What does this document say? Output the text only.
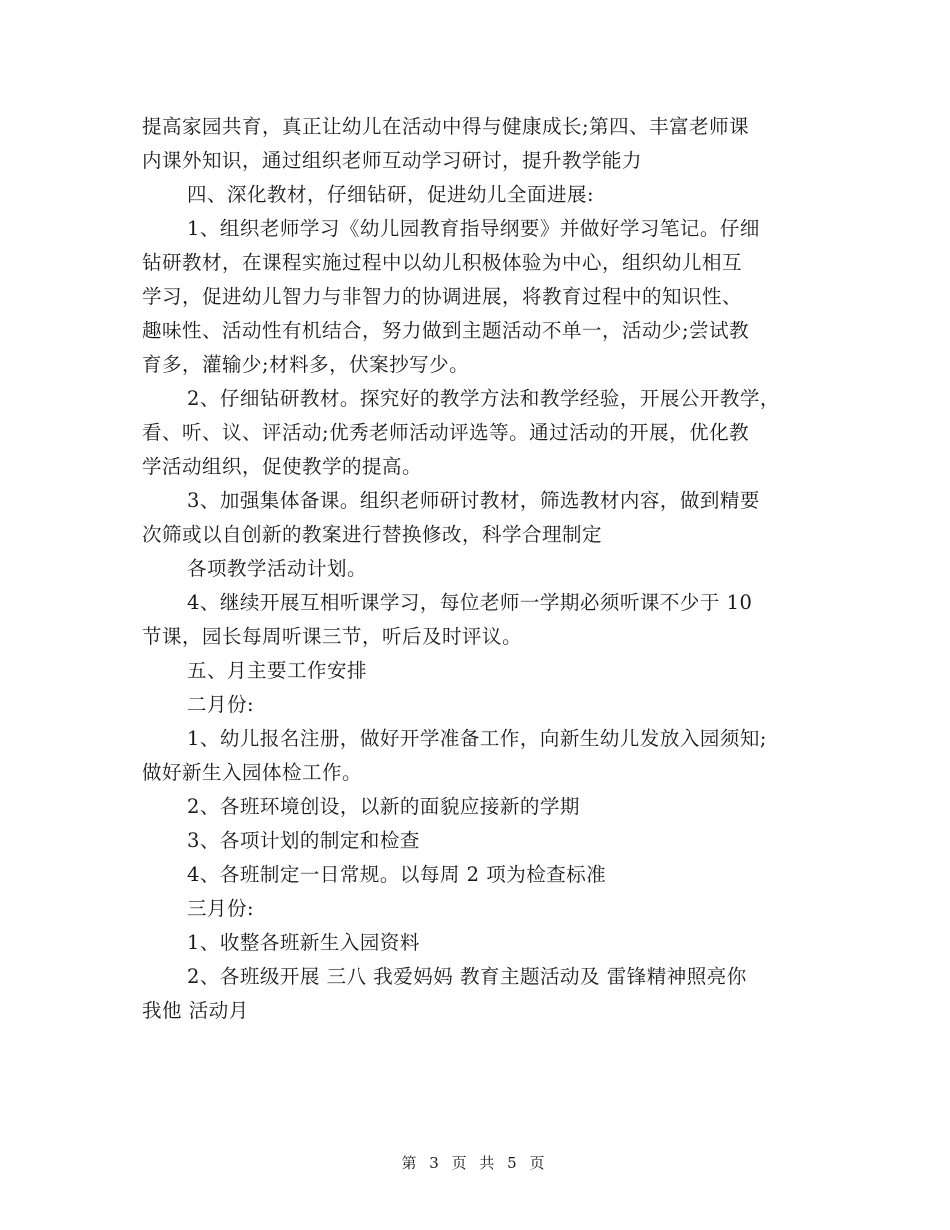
提高家园共育，真正让幼儿在活动中得与健康成长;第四、丰富老师课
内课外知识，通过组织老师互动学习研讨，提升教学能力
四、深化教材，仔细钻研，促进幼儿全面进展:
1、组织老师学习《幼儿园教育指导纲要》并做好学习笔记。仔细
钻研教材，在课程实施过程中以幼儿积极体验为中心，组织幼儿相互
学习，促进幼儿智力与非智力的协调进展，将教育过程中的知识性、
趣味性、活动性有机结合，努力做到主题活动不单一，活动少;尝试教
育多，灌输少;材料多，伏案抄写少。
2、仔细钻研教材。探究好的教学方法和教学经验，开展公开教学，
看、听、议、评活动;优秀老师活动评选等。通过活动的开展，优化教
学活动组织，促使教学的提高。
3、加强集体备课。组织老师研讨教材，筛选教材内容，做到精要
次筛或以自创新的教案进行替换修改，科学合理制定
各项教学活动计划。
4、继续开展互相听课学习，每位老师一学期必须听课不少于 10
节课，园长每周听课三节，听后及时评议。
五、月主要工作安排
二月份:
1、幼儿报名注册，做好开学准备工作，向新生幼儿发放入园须知;
做好新生入园体检工作。
2、各班环境创设，以新的面貌应接新的学期
3、各项计划的制定和检查
4、各班制定一日常规。以每周 2 项为检查标准
三月份:
1、收整各班新生入园资料
2、各班级开展 三八 我爱妈妈 教育主题活动及 雷锋精神照亮你
我他 活动月
第 3 页 共 5 页
